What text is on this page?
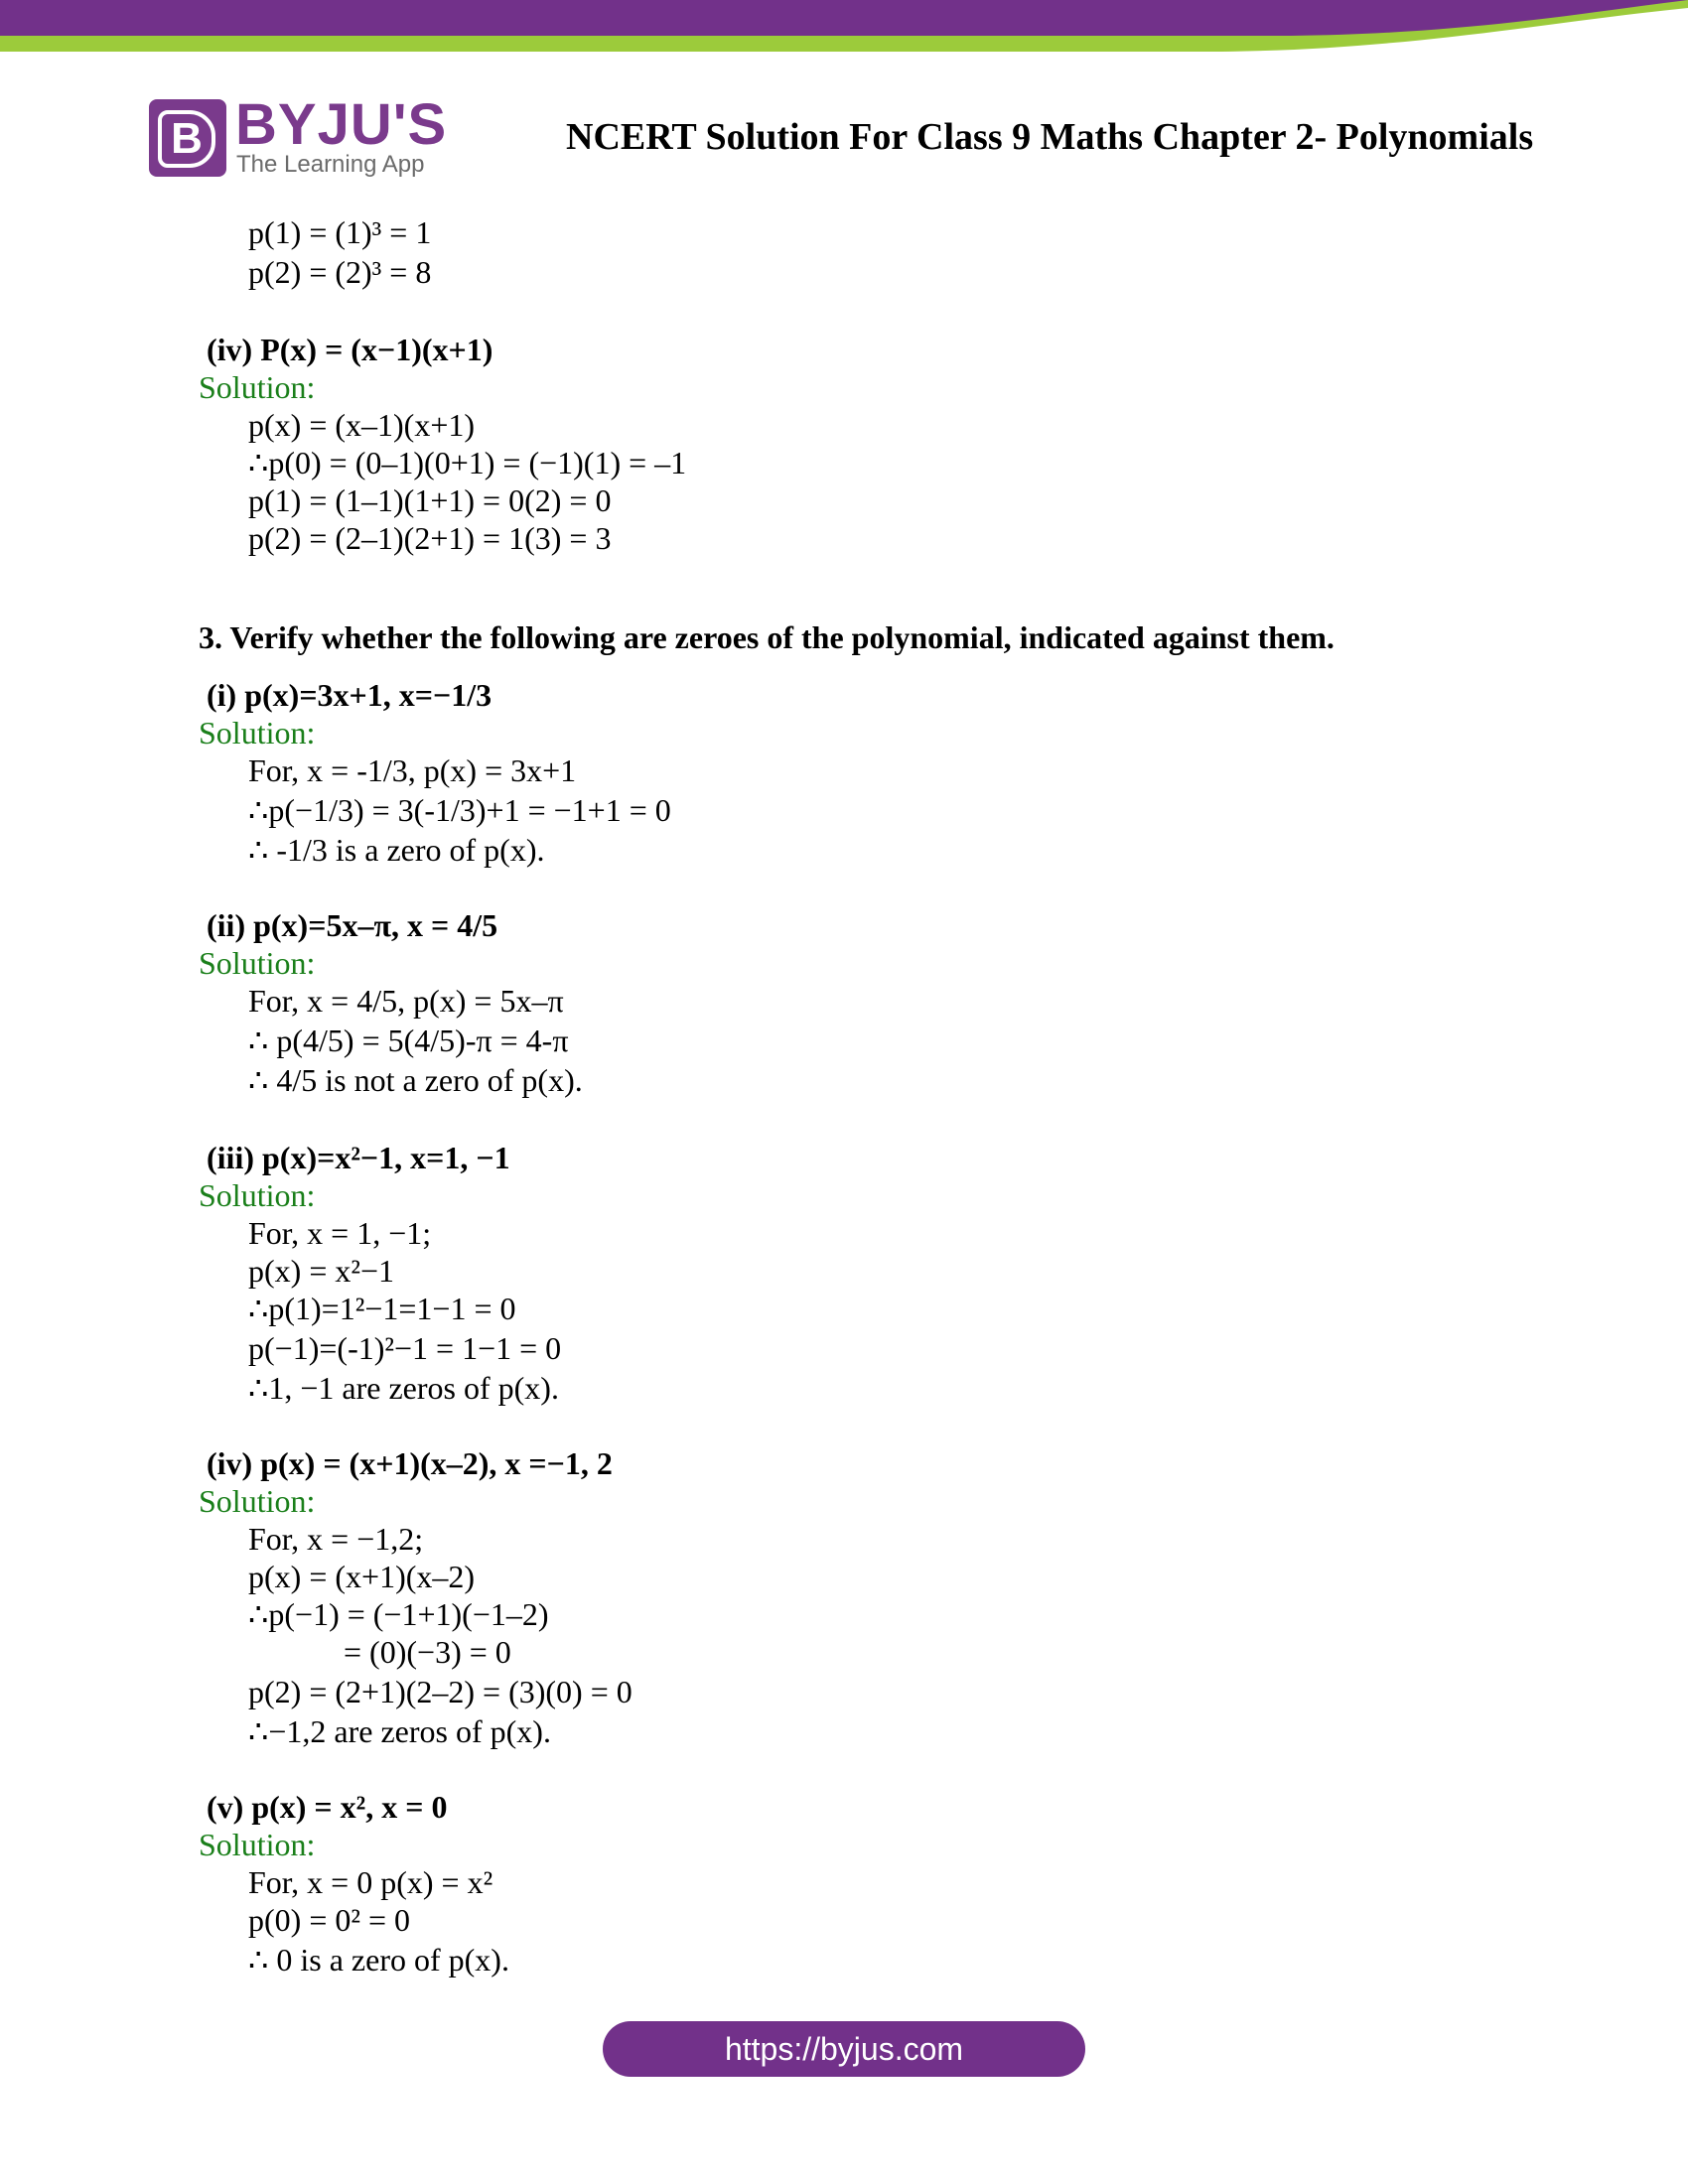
B BYJU'S
The Learning App
NCERT Solution For Class 9 Maths Chapter 2- Polynomials
p(1) = (1)³ = 1
p(2) = (2)³ = 8
(iv) P(x) = (x−1)(x+1)
Solution:
p(x) = (x–1)(x+1)
∴p(0) = (0–1)(0+1) = (−1)(1) = –1
p(1) = (1–1)(1+1) = 0(2) = 0
p(2) = (2–1)(2+1) = 1(3) = 3
3. Verify whether the following are zeroes of the polynomial, indicated against them.
(i) p(x)=3x+1, x=−1/3
Solution:
For, x = -1/3, p(x) = 3x+1
∴p(−1/3) = 3(-1/3)+1 = −1+1 = 0
∴ -1/3 is a zero of p(x).
(ii) p(x)=5x–π, x = 4/5
Solution:
For, x = 4/5, p(x) = 5x–π
∴ p(4/5) = 5(4/5)-π = 4-π
∴ 4/5 is not a zero of p(x).
(iii) p(x)=x²−1, x=1, −1
Solution:
For, x = 1, −1;
p(x) = x²−1
∴p(1)=1²−1=1−1 = 0
p(−1)=(-1)²−1 = 1−1 = 0
∴1, −1 are zeros of p(x).
(iv) p(x) = (x+1)(x–2), x =−1, 2
Solution:
For, x = −1,2;
p(x) = (x+1)(x–2)
∴p(−1) = (−1+1)(−1–2)
= (0)(−3) = 0
p(2) = (2+1)(2–2) = (3)(0) = 0
∴−1,2 are zeros of p(x).
(v) p(x) = x², x = 0
Solution:
For, x = 0 p(x) = x²
p(0) = 0² = 0
∴ 0 is a zero of p(x).
https://byjus.com
